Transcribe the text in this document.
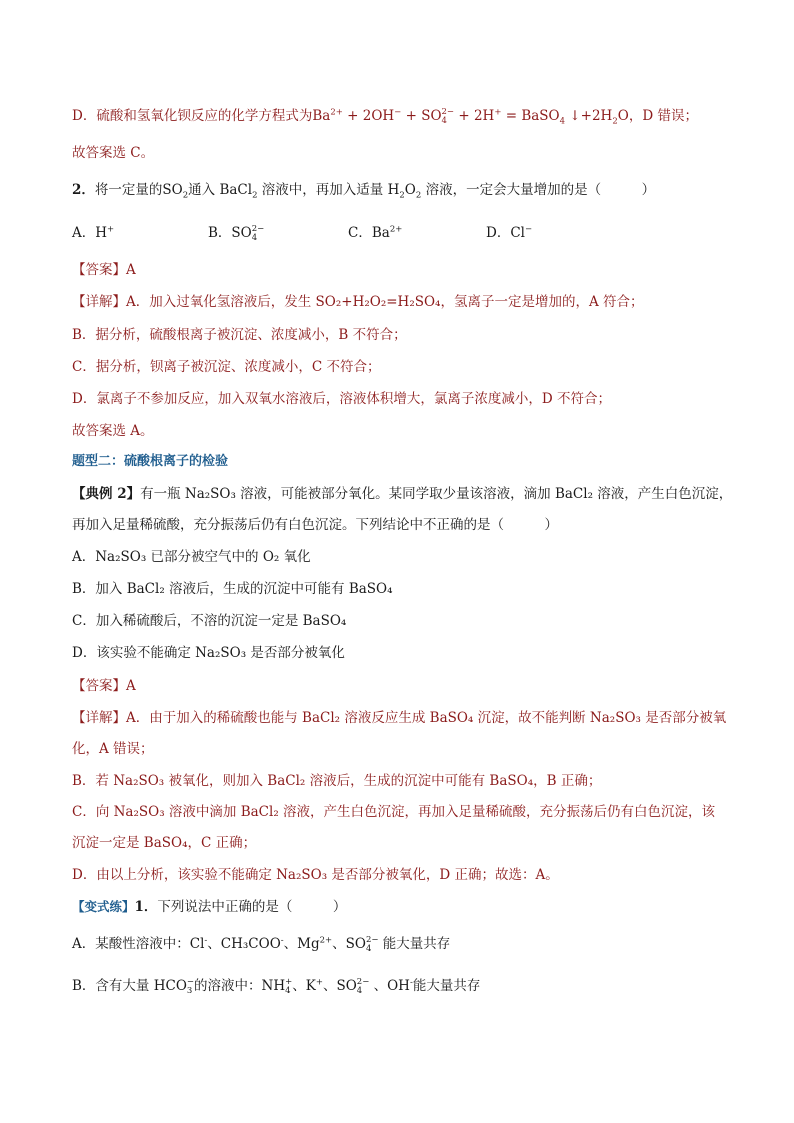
D．硫酸和氢氧化钡反应的化学方程式为$Ba^{2+} + 2OH^-$ + SO 2−
4 + 2H+ = BaSO$_4$ $↓+2H_2O$，D 错误；
故答案选 C。
2．将一定量的$SO_2$通入 BaCl$_2$ 溶液中，再加入适量 $H_2O_2$ 溶液，一定会大量增加的是（　　　）
A．H+	B．SO 2−
4	C．$Ba^{2+}$	D．Cl−
【答案】A
【详解】A．加入过氧化氢溶液后，发生 SO₂+H₂O₂=H₂SO₄，氢离子一定是增加的，A 符合；
B．据分析，硫酸根离子被沉淀、浓度减小，B 不符合；
C．据分析，钡离子被沉淀、浓度减小，C 不符合；
D．氯离子不参加反应，加入双氧水溶液后，溶液体积增大，氯离子浓度减小，D 不符合；
故答案选 A。
题型二：硫酸根离子的检验
【典例 2】有一瓶 Na₂SO₃ 溶液，可能被部分氧化。某同学取少量该溶液，滴加 BaCl₂ 溶液，产生白色沉淀，
再加入足量稀硫酸，充分振荡后仍有白色沉淀。下列结论中不正确的是（　　　）
A．Na₂SO₃ 已部分被空气中的 O₂ 氧化
B．加入 BaCl₂ 溶液后，生成的沉淀中可能有 BaSO₄
C．加入稀硫酸后，不溶的沉淀一定是 BaSO₄
D．该实验不能确定 Na₂SO₃ 是否部分被氧化
【答案】A
【详解】A．由于加入的稀硫酸也能与 BaCl₂ 溶液反应生成 BaSO₄ 沉淀，故不能判断 Na₂SO₃ 是否部分被氧
化，A 错误；
B．若 Na₂SO₃ 被氧化，则加入 BaCl₂ 溶液后，生成的沉淀中可能有 BaSO₄，B 正确；
C．向 Na₂SO₃ 溶液中滴加 BaCl₂ 溶液，产生白色沉淀，再加入足量稀硫酸，充分振荡后仍有白色沉淀，该
沉淀一定是 BaSO₄，C 正确；
D．由以上分析，该实验不能确定 Na₂SO₃ 是否部分被氧化，D 正确；故选：A。
【变式练】1．下列说法中正确的是（　　　）
A．某酸性溶液中：Cl-、CH₃COO-、$Mg^{2+}$、SO 2−
4 能大量共存
B．含有大量 HCO −
3 的溶液中：NH +
4 、K+、SO 2−
4 、OH-能大量共存
